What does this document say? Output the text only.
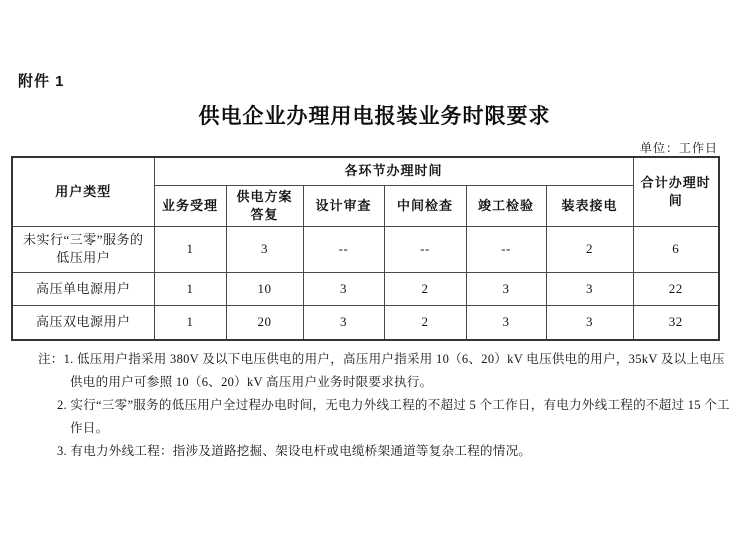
附件 1
供电企业办理用电报装业务时限要求
单位：工作日
用户类型	各环节办理时间						合计办理时间
	业务受理	供电方案答复	设计审查	中间检查	竣工检验	装表接电	
未实行“三零”服务的低压用户	1	3	--	--	--	2	6
高压单电源用户	1	10	3	2	3	3	22
高压双电源用户	1	20	3	2	3	3	32
注：1. 低压用户指采用 380V 及以下电压供电的用户，高压用户指采用 10（6、20）kV 电压供电的用户，35kV 及以上电压供电的用户可参照 10（6、20）kV 高压用户业务时限要求执行。
2. 实行“三零”服务的低压用户全过程办电时间，无电力外线工程的不超过 5 个工作日，有电力外线工程的不超过 15 个工作日。
3. 有电力外线工程：指涉及道路挖掘、架设电杆或电缆桥架通道等复杂工程的情况。
